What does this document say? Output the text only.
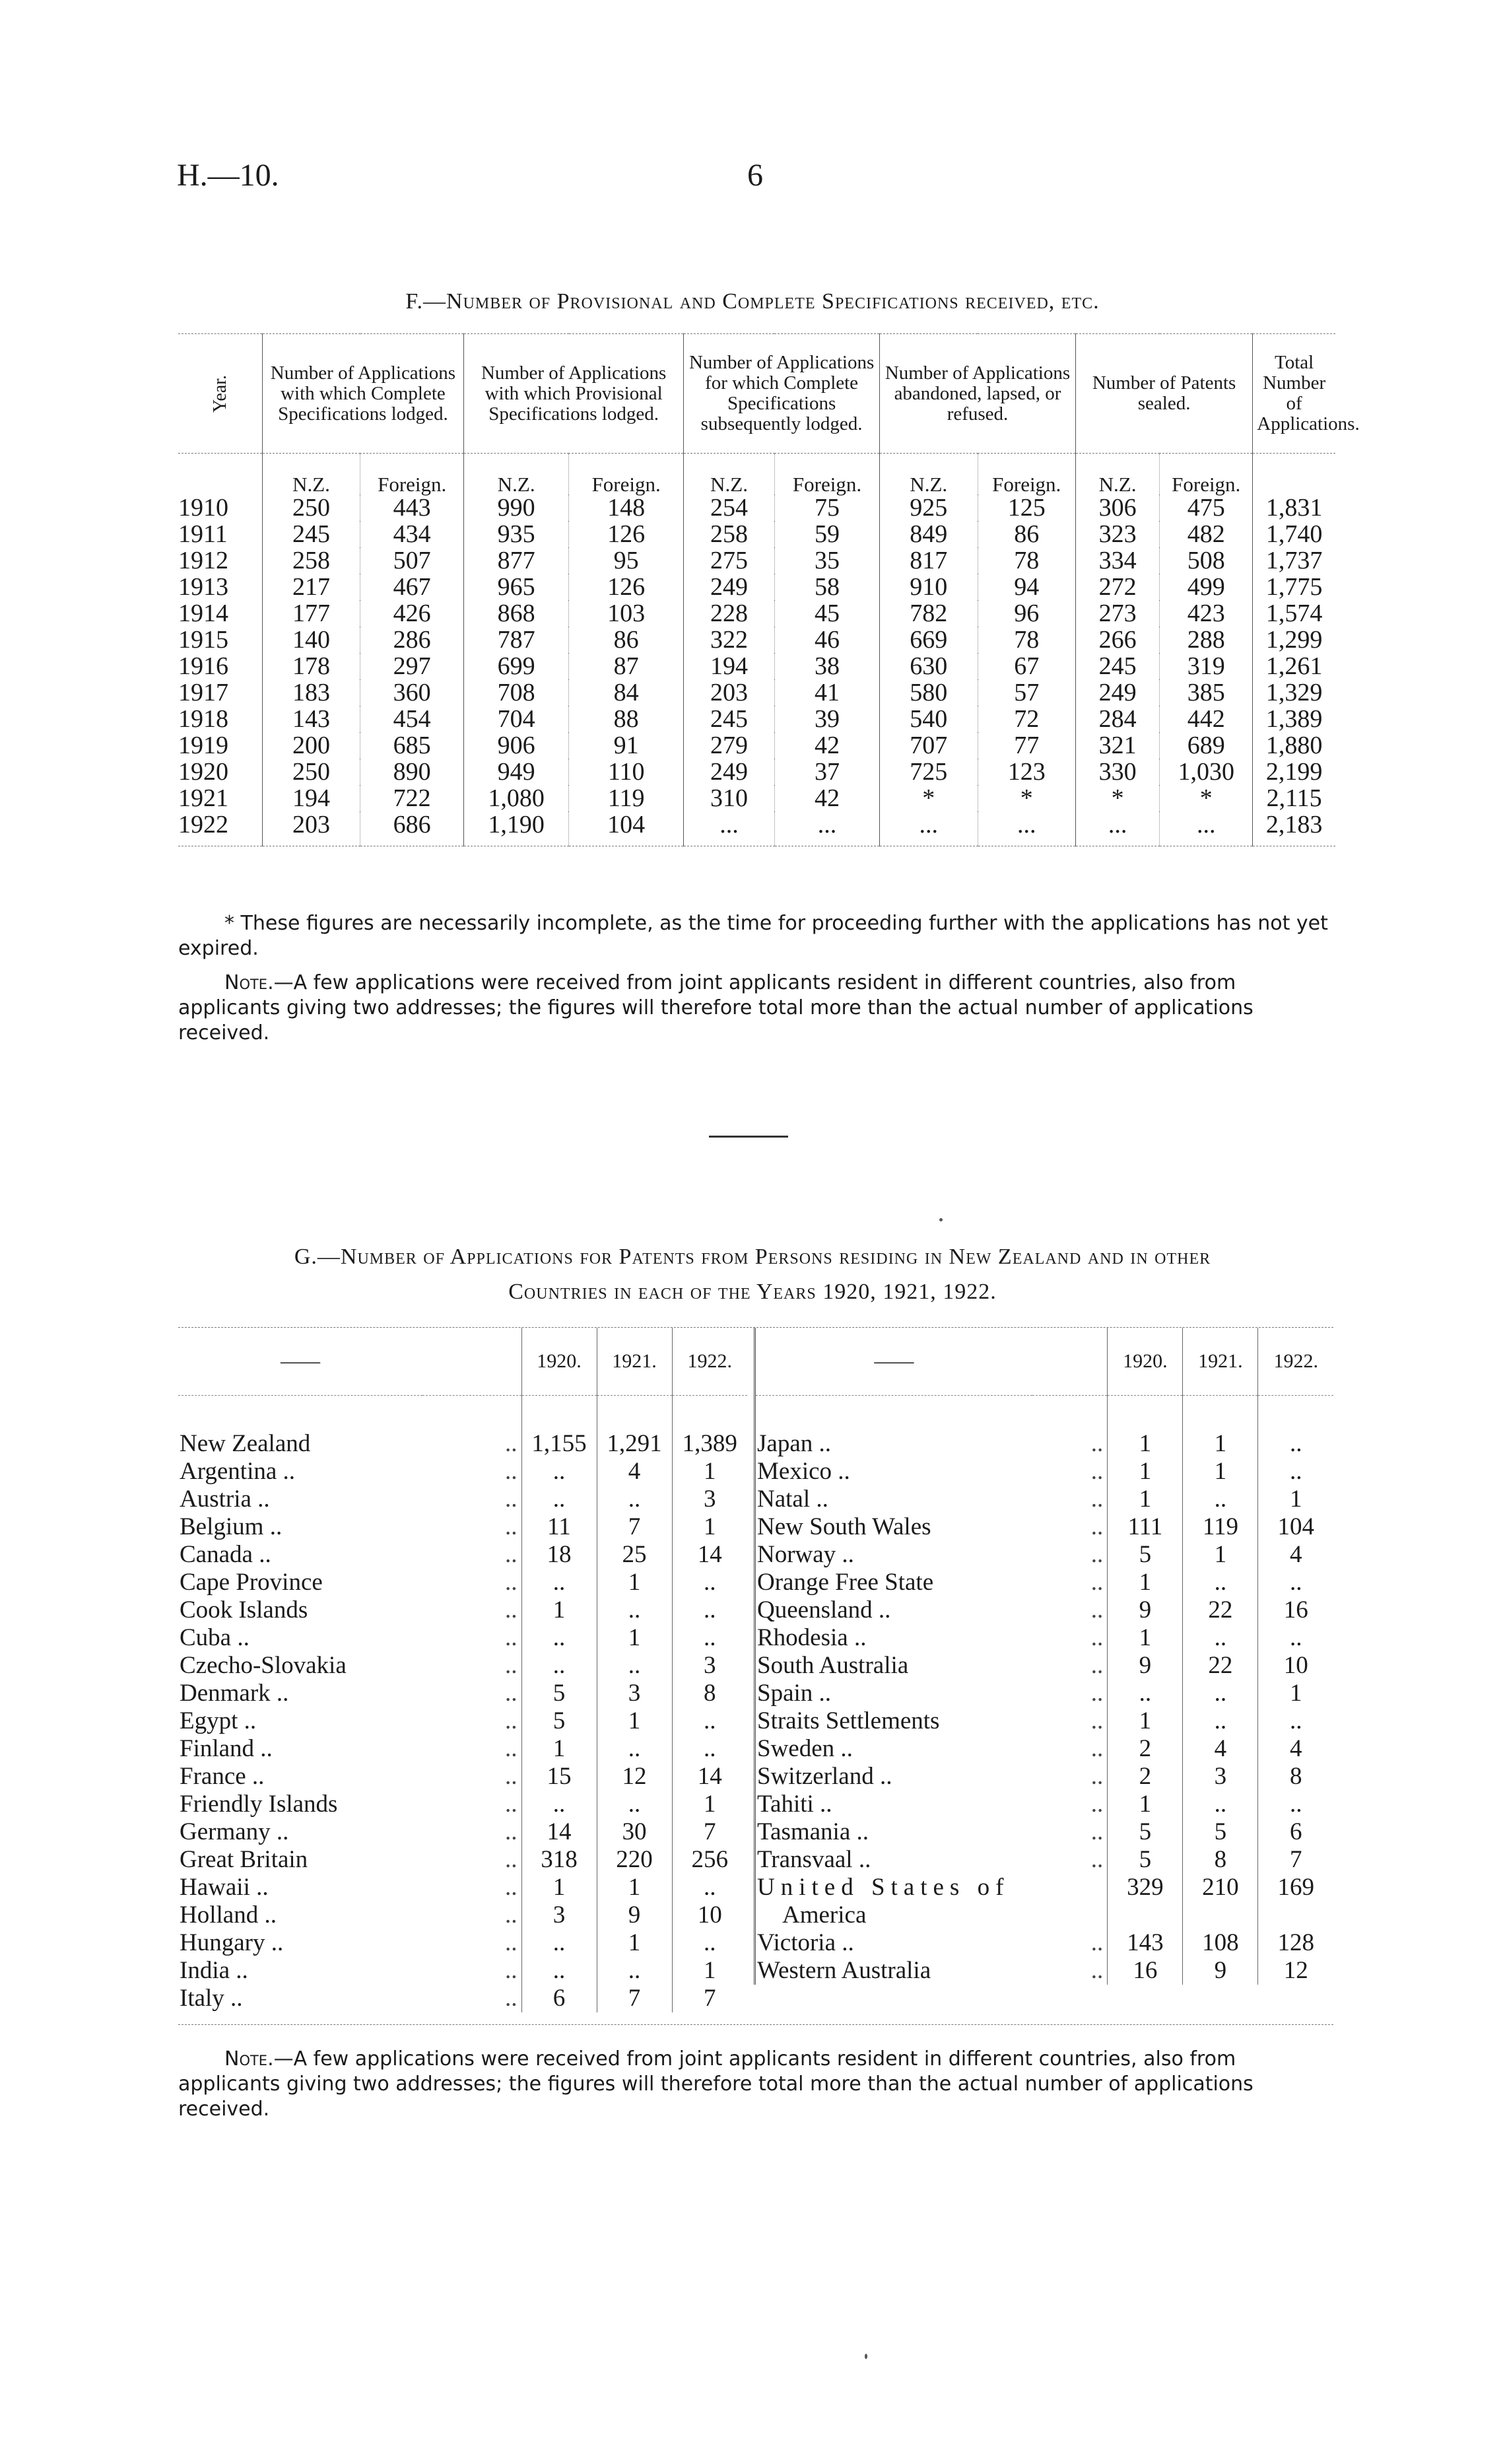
H.—10.	6
F.—Number of Provisional and Complete Specifications received, etc.
Year.	Number of Applications with which Complete Specifications lodged.		Number of Applications with which Provisional Specifications lodged.		Number of Applications for which Complete Specifications subsequently lodged.		Number of Applications abandoned, lapsed, or refused.		Number of Patents sealed.		Total Number of Applications.
	N.Z.	Foreign.	N.Z.	Foreign.	N.Z.	Foreign.	N.Z.	Foreign.	N.Z.	Foreign.	
1910	250	443	990	148	254	75	925	125	306	475	1,831
1911	245	434	935	126	258	59	849	86	323	482	1,740
1912	258	507	877	95	275	35	817	78	334	508	1,737
1913	217	467	965	126	249	58	910	94	272	499	1,775
1914	177	426	868	103	228	45	782	96	273	423	1,574
1915	140	286	787	86	322	46	669	78	266	288	1,299
1916	178	297	699	87	194	38	630	67	245	319	1,261
1917	183	360	708	84	203	41	580	57	249	385	1,329
1918	143	454	704	88	245	39	540	72	284	442	1,389
1919	200	685	906	91	279	42	707	77	321	689	1,880
1920	250	890	949	110	249	37	725	123	330	1,030	2,199
1921	194	722	1,080	119	310	42	*	*	*	*	2,115
1922	203	686	1,190	104	...	...	...	...	...	...	2,183
* These figures are necessarily incomplete, as the time for proceeding further with the applications has not yet expired.
Note.—A few applications were received from joint applicants resident in different countries, also from applicants giving two addresses; the figures will therefore total more than the actual number of applications received.
G.—Number of Applications for Patents from Persons residing in New Zealand and in other
Countries in each of the Years 1920, 1921, 1922.
——		1920.	1921.	1922.

New Zealand	..	1,155	1,291	1,389
Argentina ..	..	..	4	1
Austria ..	..	..	..	3
Belgium ..	..	11	7	1
Canada ..	..	18	25	14
Cape Province	..	..	1	..
Cook Islands	..	1	..	..
Cuba ..	..	..	1	..
Czecho-Slovakia	..	..	..	3
Denmark ..	..	5	3	8
Egypt ..	..	5	1	..
Finland ..	..	1	..	..
France ..	..	15	12	14
Friendly Islands	..	..	..	1
Germany ..	..	14	30	7
Great Britain	..	318	220	256
Hawaii ..	..	1	1	..
Holland ..	..	3	9	10
Hungary ..	..	..	1	..
India ..	..	..	..	1
Italy ..	..	6	7	7
——		1920.	1921.	1922.

Japan ..	..	1	1	..
Mexico ..	..	1	1	..
Natal ..	..	1	..	1
New South Wales	..	111	119	104
Norway ..	..	5	1	4
Orange Free State	..	1	..	..
Queensland ..	..	9	22	16
Rhodesia ..	..	1	..	..
South Australia	..	9	22	10
Spain ..	..	..	..	1
Straits Settlements	..	1	..	..
Sweden ..	..	2	4	4
Switzerland ..	..	2	3	8
Tahiti ..	..	1	..	..
Tasmania ..	..	5	5	6
Transvaal ..	..	5	8	7
United States of		329	210	169
America				
Victoria ..	..	143	108	128
Western Australia	..	16	9	12
Note.—A few applications were received from joint applicants resident in different countries, also from applicants giving two addresses; the figures will therefore total more than the actual number of applications received.
